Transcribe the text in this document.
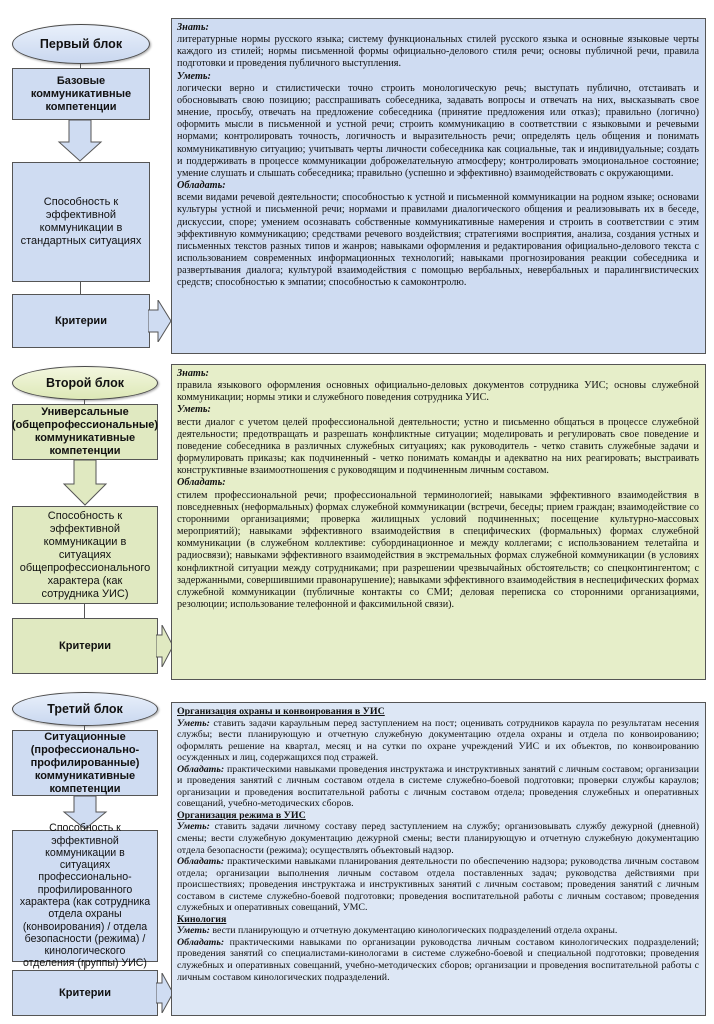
Первый блок
Базовые коммуникативные компетенции
Способность к эффективной коммуникации в стандартных ситуациях
Критерии

Знать:
литературные нормы русского языка; систему функциональных стилей русского языка и основные языковые черты каждого из стилей; нормы письменной формы официально-делового стиля речи; основы публичной речи, правила подготовки и проведения публичного выступления.

Уметь:
логически верно и стилистически точно строить монологическую речь; выступать публично, отстаивать и обосновывать свою позицию; расспрашивать собеседника, задавать вопросы и отвечать на них, высказывать свое мнение, просьбу, отвечать на предложение собеседника (принятие предложения или отказ); правильно (логично) оформить мысли в письменной и устной речи; строить коммуникацию в соответствии с языковыми и речевыми нормами; контролировать точность, логичность и выразительность речи; определять цель общения и понимать коммуникативную ситуацию; учитывать черты личности собеседника как социальные, так и индивидуальные; создать и поддерживать в процессе коммуникации доброжелательную атмосферу; контролировать эмоциональное состояние; умение слушать и слышать собеседника; правильно (успешно и эффективно) взаимодействовать с окружающими.

Обладать:
всеми видами речевой деятельности; способностью к устной и письменной коммуникации на родном языке; основами культуры устной и письменной речи; нормами и правилами диалогического общения и реализовывать их в беседе, дискуссии, споре; умением осознавать собственные коммуникативные намерения и строить в соответствии с этим эффективную коммуникацию; средствами речевого воздействия; стратегиями восприятия, анализа, создания устных и письменных текстов разных типов и жанров; навыками оформления и редактирования официально-делового текста с использованием современных информационных технологий; навыками прогнозирования реакции собеседника и развертывания диалога; культурой взаимодействия с помощью вербальных, невербальных и паралингвистических средств; способностью к эмпатии; способностью к самоконтролю.

Второй блок
Универсальные (общепрофессиональные) коммуникативные компетенции
Способность к эффективной коммуникации в ситуациях общепрофессионального характера (как сотрудника УИС)
Критерии

Знать:
правила языкового оформления основных официально-деловых документов сотрудника УИС; основы служебной коммуникации; нормы этики и служебного поведения сотрудника УИС.

Уметь:
вести диалог с учетом целей профессиональной деятельности; устно и письменно общаться в процессе служебной деятельности; предотвращать и разрешать конфликтные ситуации; моделировать и регулировать свое поведение и поведение собеседника в различных служебных ситуациях; как руководитель - четко ставить служебные задачи и формулировать приказы; как подчиненный - четко понимать команды и адекватно на них реагировать; выстраивать конструктивные взаимоотношения с руководящим и подчиненным личным составом.

Обладать:
стилем профессиональной речи; профессиональной терминологией; навыками эффективного взаимодействия в повседневных (неформальных) формах служебной коммуникации (встречи, беседы; прием граждан; взаимодействие со сторонними организациями; проверка жилищных условий подчиненных; посещение культурно-массовых мероприятий); навыками эффективного взаимодействия в специфических (формальных) формах служебной коммуникации (в служебном коллективе: субординационное и между коллегами; с использованием телетайпа и радиосвязи); навыками эффективного взаимодействия в экстремальных формах служебной коммуникации (в условиях конфликтной ситуации между сотрудниками; при разрешении чрезвычайных обстоятельств; со спецконтингентом; с задержанными, совершившими правонарушение); навыками эффективного взаимодействия в неспецифических формах служебной коммуникации (публичные контакты со СМИ; деловая переписка со сторонними организациями, резолюции; использование телефонной и факсимильной связи).

Третий блок
Ситуационные (профессионально-профилированные) коммуникативные компетенции
Способность к эффективной коммуникации в ситуациях профессионально-профилированного характера (как сотрудника отдела охраны (конвоирования) / отдела безопасности (режима) / кинологического отделения (группы) УИС)
Критерии

Организация охраны и конвоирования в УИС

Уметь: ставить задачи караульным перед заступлением на пост; оценивать сотрудников караула по результатам несения службы; вести планирующую и отчетную служебную документацию отдела охраны и отдела по конвоированию; оформлять решение на квартал, месяц и на сутки по охране учреждений УИС и их объектов, по конвоированию осужденных и лиц, содержащихся под стражей.

Обладать: практическими навыками проведения инструктажа и инструктивных занятий с личным составом; организации и проведения занятий с личным составом отдела в системе служебно-боевой подготовки; проверки службы караулов; организации и проведения воспитательной работы с личным составом отдела; проведения служебных и оперативных совещаний, учебно-методических сборов.

Организация режима в УИС

Уметь: ставить задачи личному составу перед заступлением на службу; организовывать службу дежурной (дневной) смены; вести служебную документацию дежурной смены; вести планирующую и отчетную служебную документацию отдела безопасности (режима); осуществлять объектовый надзор.

Обладать: практическими навыками планирования деятельности по обеспечению надзора; руководства личным составом отдела; организации выполнения личным составом отдела поставленных задач; руководства действиями при происшествиях; проведения инструктажа и инструктивных занятий с личным составом; проведения занятий с личным составом в системе служебно-боевой подготовки; проведения воспитательной работы с личным составом; проведения служебных и оперативных совещаний, УМС.

Кинология

Уметь: вести планирующую и отчетную документацию кинологических подразделений отдела охраны.

Обладать: практическими навыками по организации руководства личным составом кинологических подразделений; проведения занятий со специалистами-кинологами в системе служебно-боевой и специальной подготовки; проведения служебных и оперативных совещаний, учебно-методических сборов; организации и проведения воспитательной работы с личным составом кинологических подразделений.
